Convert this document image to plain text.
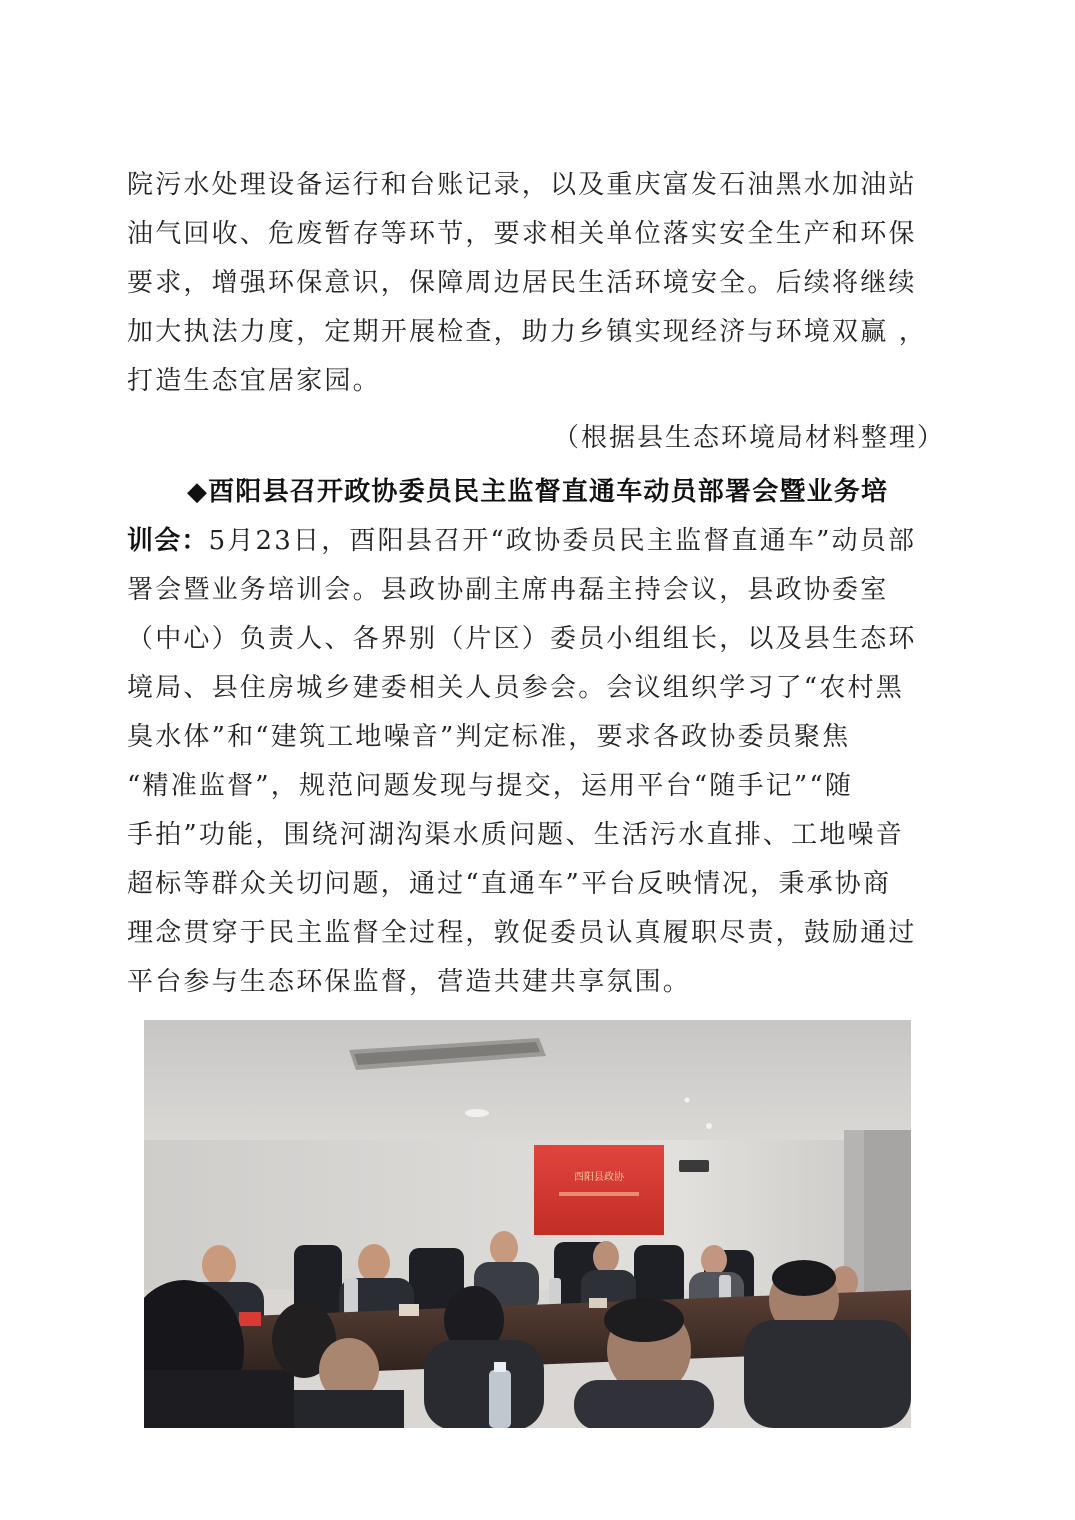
院污水处理设备运行和台账记录，以及重庆富发石油黑水加油站
油气回收、危废暂存等环节，要求相关单位落实安全生产和环保
要求，增强环保意识，保障周边居民生活环境安全。后续将继续
加大执法力度，定期开展检查，助力乡镇实现经济与环境双赢 ，
打造生态宜居家园。
（根据县生态环境局材料整理）
◆酉阳县召开政协委员民主监督直通车动员部署会暨业务培
训会：5月23日，酉阳县召开“政协委员民主监督直通车”动员部
署会暨业务培训会。县政协副主席冉磊主持会议，县政协委室
（中心）负责人、各界别（片区）委员小组组长，以及县生态环
境局、县住房城乡建委相关人员参会。会议组织学习了“农村黑
臭水体”和“建筑工地噪音”判定标准，要求各政协委员聚焦
“精准监督”，规范问题发现与提交，运用平台“随手记”“随
手拍”功能，围绕河湖沟渠水质问题、生活污水直排、工地噪音
超标等群众关切问题，通过“直通车”平台反映情况，秉承协商
理念贯穿于民主监督全过程，敦促委员认真履职尽责，鼓励通过
平台参与生态环保监督，营造共建共享氛围。
酉阳县政协
